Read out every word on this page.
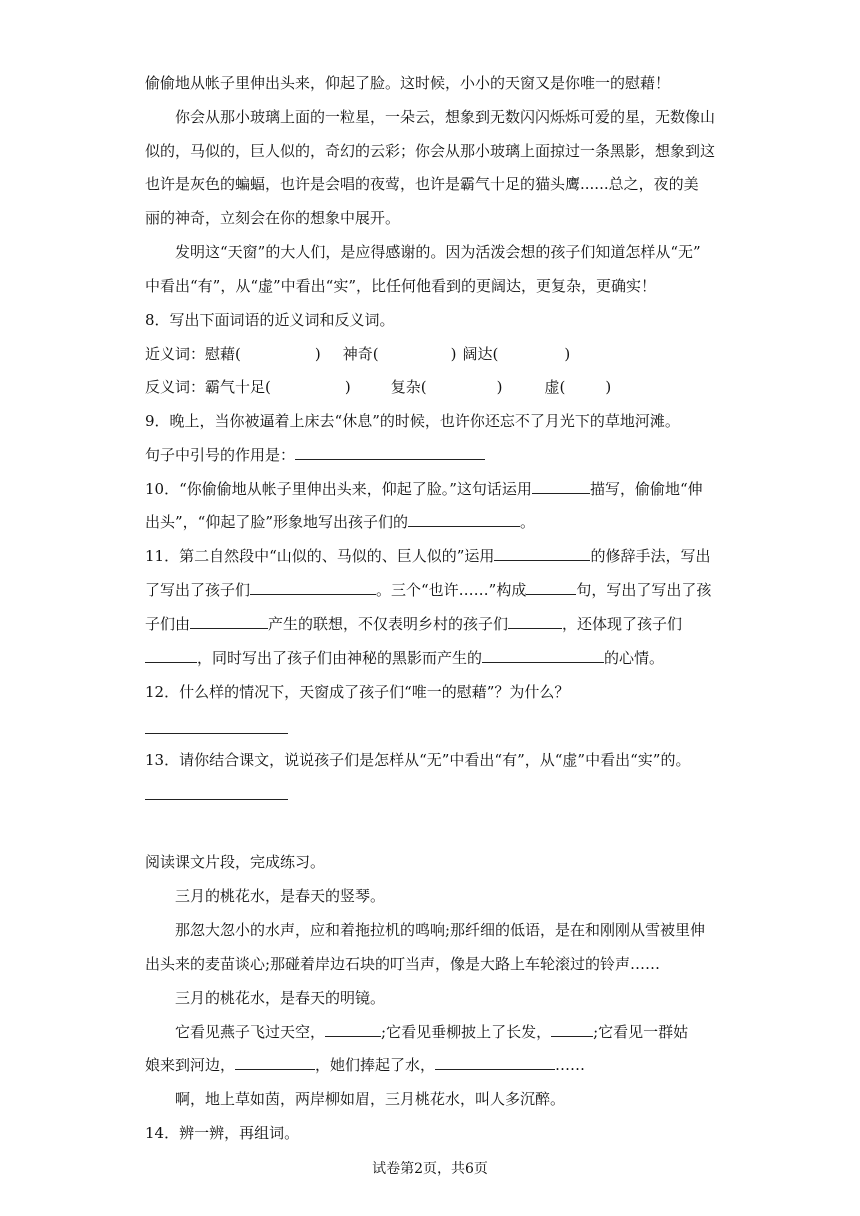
偷偷地从帐子里伸出头来，仰起了脸。这时候，小小的天窗又是你唯一的慰藉！
你会从那小玻璃上面的一粒星，一朵云，想象到无数闪闪烁烁可爱的星，无数像山
似的，马似的，巨人似的，奇幻的云彩；你会从那小玻璃上面掠过一条黑影，想象到这
也许是灰色的蝙蝠，也许是会唱的夜莺，也许是霸气十足的猫头鹰......总之，夜的美
丽的神奇，立刻会在你的想象中展开。
发明这“天窗”的大人们，是应得感谢的。因为活泼会想的孩子们知道怎样从“无”
中看出“有”，从“虚”中看出“实”，比任何他看到的更阔达，更复杂，更确实！
8．写出下面词语的近义词和反义词。
近义词：慰藉(	) 神奇(	) 阔达(	)
反义词：霸气十足(	)	复杂(	)	虚(	)
9．晚上，当你被逼着上床去“休息”的时候，也许你还忘不了月光下的草地河滩。
句子中引号的作用是：
10．“你偷偷地从帐子里伸出头来，仰起了脸。”这句话运用	描写，偷偷地“伸
出头”，“仰起了脸”形象地写出孩子们的	。
11．第二自然段中“山似的、马似的、巨人似的”运用	的修辞手法，写出
了写出了孩子们	。三个“也许……”构成	句，写出了写出了孩
子们由	产生的联想，不仅表明乡村的孩子们	，还体现了孩子们
，同时写出了孩子们由神秘的黑影而产生的	的心情。
12．什么样的情况下，天窗成了孩子们“唯一的慰藉”？为什么？
13．请你结合课文，说说孩子们是怎样从“无”中看出“有”，从“虚”中看出“实”的。
阅读课文片段，完成练习。
三月的桃花水，是春天的竖琴。
那忽大忽小的水声，应和着拖拉机的鸣响;那纤细的低语，是在和刚刚从雪被里伸
出头来的麦苗谈心;那碰着岸边石块的叮当声，像是大路上车轮滚过的铃声……
三月的桃花水，是春天的明镜。
它看见燕子飞过天空，	;它看见垂柳披上了长发，	;它看见一群姑
娘来到河边，	，她们捧起了水，	……
啊，地上草如茵，两岸柳如眉，三月桃花水，叫人多沉醉。
14．辨一辨，再组词。
试卷第2页，共6页
